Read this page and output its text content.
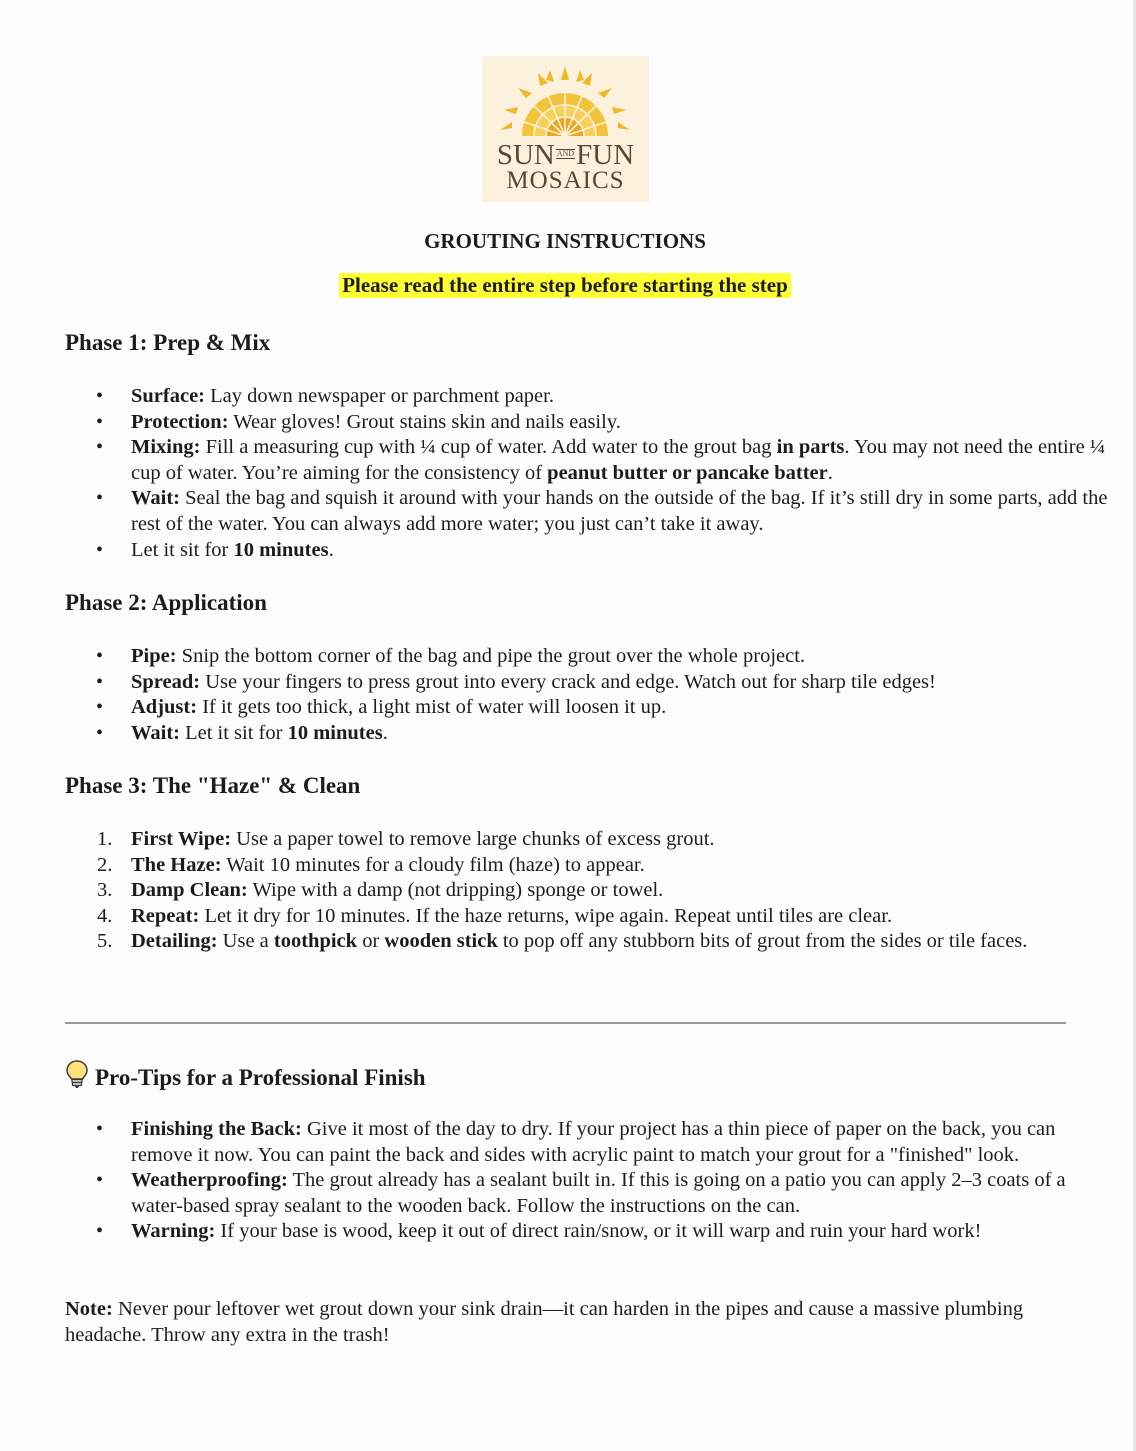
SUN ANDFUN
MOSAICS
GROUTING INSTRUCTIONS
Please read the entire step before starting the step
Phase 1: Prep & Mix
• Surface: Lay down newspaper or parchment paper.
• Protection: Wear gloves! Grout stains skin and nails easily.
• Mixing: Fill a measuring cup with ¼ cup of water. Add water to the grout bag in parts. You may not need the entire ¼ cup of water. You’re aiming for the consistency of peanut butter or pancake batter.
• Wait: Seal the bag and squish it around with your hands on the outside of the bag. If it’s still dry in some parts, add the rest of the water. You can always add more water; you just can’t take it away.
• Let it sit for 10 minutes.
Phase 2: Application
• Pipe: Snip the bottom corner of the bag and pipe the grout over the whole project.
• Spread: Use your fingers to press grout into every crack and edge. Watch out for sharp tile edges!
• Adjust: If it gets too thick, a light mist of water will loosen it up.
• Wait: Let it sit for 10 minutes.
Phase 3: The "Haze" & Clean
1. First Wipe: Use a paper towel to remove large chunks of excess grout.
2. The Haze: Wait 10 minutes for a cloudy film (haze) to appear.
3. Damp Clean: Wipe with a damp (not dripping) sponge or towel.
4. Repeat: Let it dry for 10 minutes. If the haze returns, wipe again. Repeat until tiles are clear.
5. Detailing: Use a toothpick or wooden stick to pop off any stubborn bits of grout from the sides or tile faces.
Pro-Tips for a Professional Finish
• Finishing the Back: Give it most of the day to dry. If your project has a thin piece of paper on the back, you can remove it now. You can paint the back and sides with acrylic paint to match your grout for a "finished" look.
• Weatherproofing: The grout already has a sealant built in. If this is going on a patio you can apply 2–3 coats of a water-based spray sealant to the wooden back. Follow the instructions on the can.
• Warning: If your base is wood, keep it out of direct rain/snow, or it will warp and ruin your hard work!
Note: Never pour leftover wet grout down your sink drain—it can harden in the pipes and cause a massive plumbing headache. Throw any extra in the trash!
